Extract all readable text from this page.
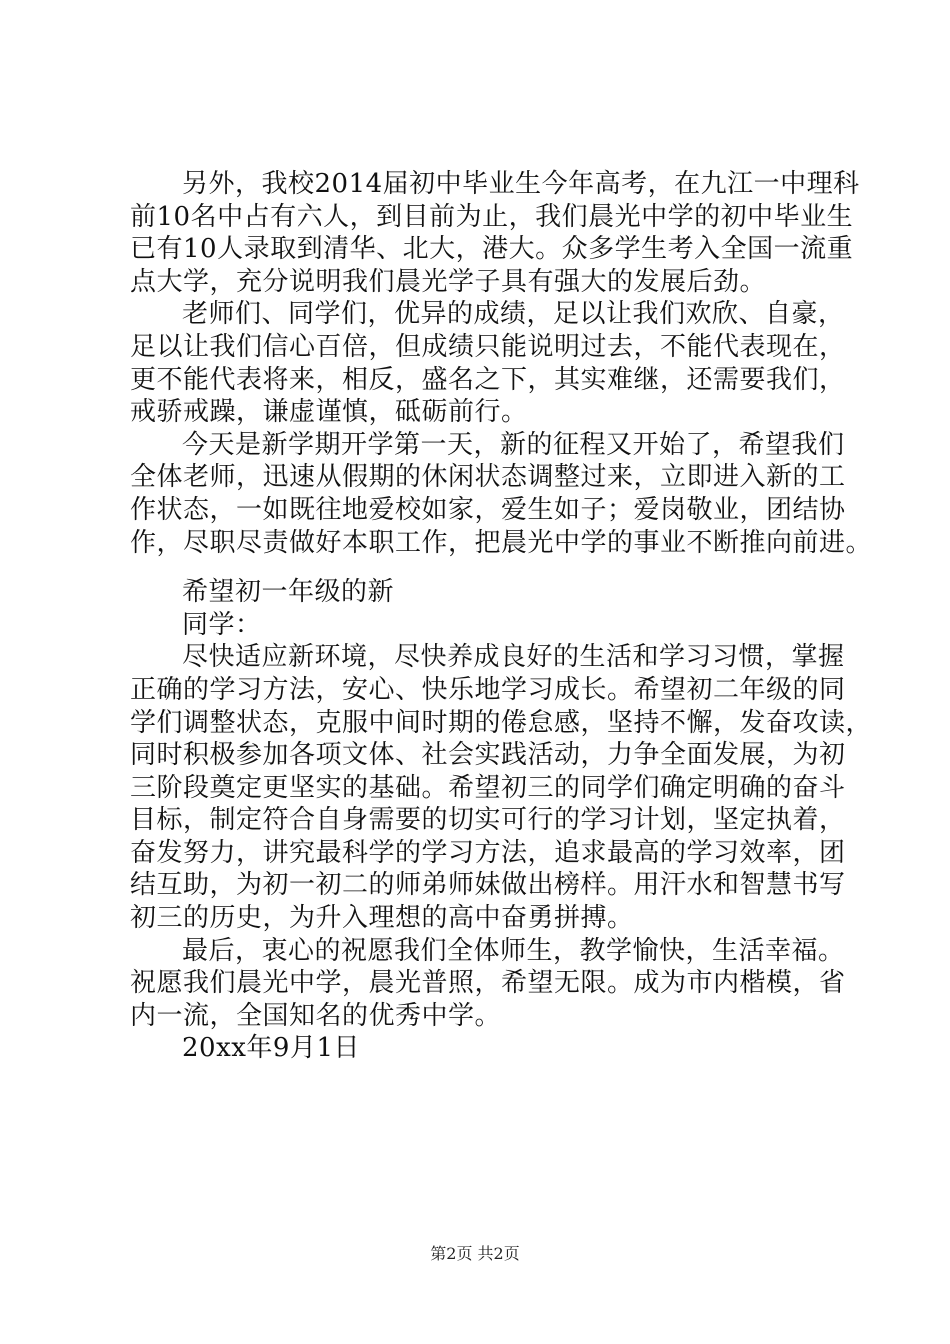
另外，我校2014届初中毕业生今年高考，在九江一中理科
前10名中占有六人，到目前为止，我们晨光中学的初中毕业生
已有10人录取到清华、北大，港大。众多学生考入全国一流重
点大学，充分说明我们晨光学子具有强大的发展后劲。
老师们、同学们，优异的成绩，足以让我们欢欣、自豪，
足以让我们信心百倍，但成绩只能说明过去，不能代表现在，
更不能代表将来，相反，盛名之下，其实难继，还需要我们，
戒骄戒躁，谦虚谨慎，砥砺前行。
今天是新学期开学第一天，新的征程又开始了，希望我们
全体老师，迅速从假期的休闲状态调整过来，立即进入新的工
作状态，一如既往地爱校如家，爱生如子；爱岗敬业，团结协
作，尽职尽责做好本职工作，把晨光中学的事业不断推向前进。
希望初一年级的新
同学：
尽快适应新环境，尽快养成良好的生活和学习习惯，掌握
正确的学习方法，安心、快乐地学习成长。希望初二年级的同
学们调整状态，克服中间时期的倦怠感，坚持不懈，发奋攻读，
同时积极参加各项文体、社会实践活动，力争全面发展，为初
三阶段奠定更坚实的基础。希望初三的同学们确定明确的奋斗
目标，制定符合自身需要的切实可行的学习计划，坚定执着，
奋发努力，讲究最科学的学习方法，追求最高的学习效率，团
结互助，为初一初二的师弟师妹做出榜样。用汗水和智慧书写
初三的历史，为升入理想的高中奋勇拼搏。
最后，衷心的祝愿我们全体师生，教学愉快，生活幸福。
祝愿我们晨光中学，晨光普照，希望无限。成为市内楷模，省
内一流，全国知名的优秀中学。
20xx年9月1日
第2页 共2页
